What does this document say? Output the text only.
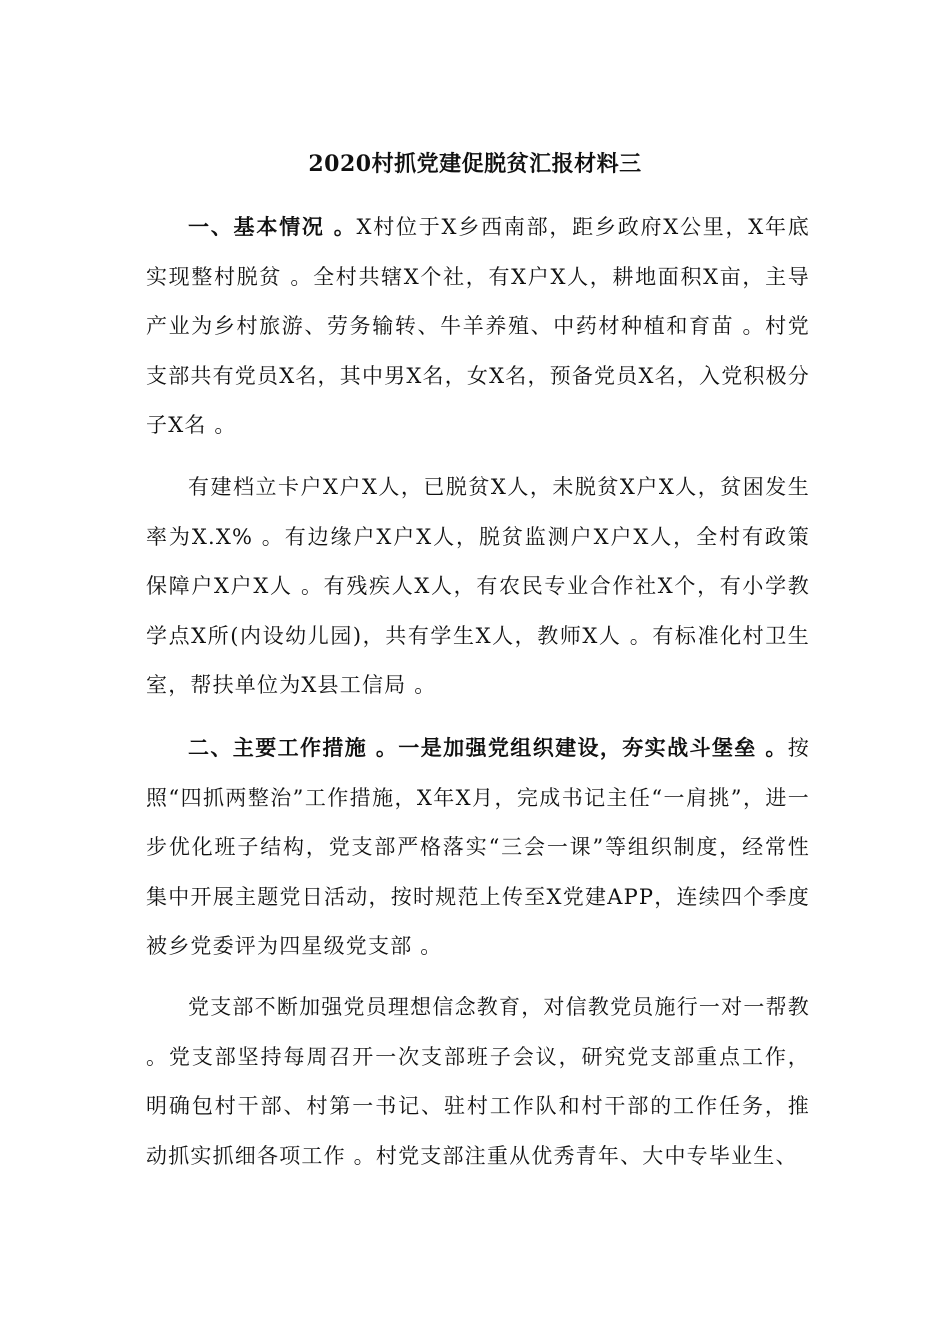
2020村抓党建促脱贫汇报材料三

一、基本情况 。X村位于X乡西南部，距乡政府X公里，X年底实现整村脱贫 。全村共辖X个社，有X户X人，耕地面积X亩，主导产业为乡村旅游、劳务输转、牛羊养殖、中药材种植和育苗 。村党支部共有党员X名，其中男X名，女X名，预备党员X名，入党积极分子X名 。

有建档立卡户X户X人，已脱贫X人，未脱贫X户X人，贫困发生率为X.X% 。有边缘户X户X人，脱贫监测户X户X人，全村有政策保障户X户X人 。有残疾人X人，有农民专业合作社X个，有小学教学点X所(内设幼儿园)，共有学生X人，教师X人 。有标准化村卫生室，帮扶单位为X县工信局 。

二、主要工作措施 。一是加强党组织建设，夯实战斗堡垒 。按照“四抓两整治”工作措施，X年X月，完成书记主任“一肩挑”，进一步优化班子结构，党支部严格落实“三会一课”等组织制度，经常性集中开展主题党日活动，按时规范上传至X党建APP，连续四个季度被乡党委评为四星级党支部 。

党支部不断加强党员理想信念教育，对信教党员施行一对一帮教 。党支部坚持每周召开一次支部班子会议，研究党支部重点工作，明确包村干部、村第一书记、驻村工作队和村干部的工作任务，推动抓实抓细各项工作 。村党支部注重从优秀青年、大中专毕业生、
